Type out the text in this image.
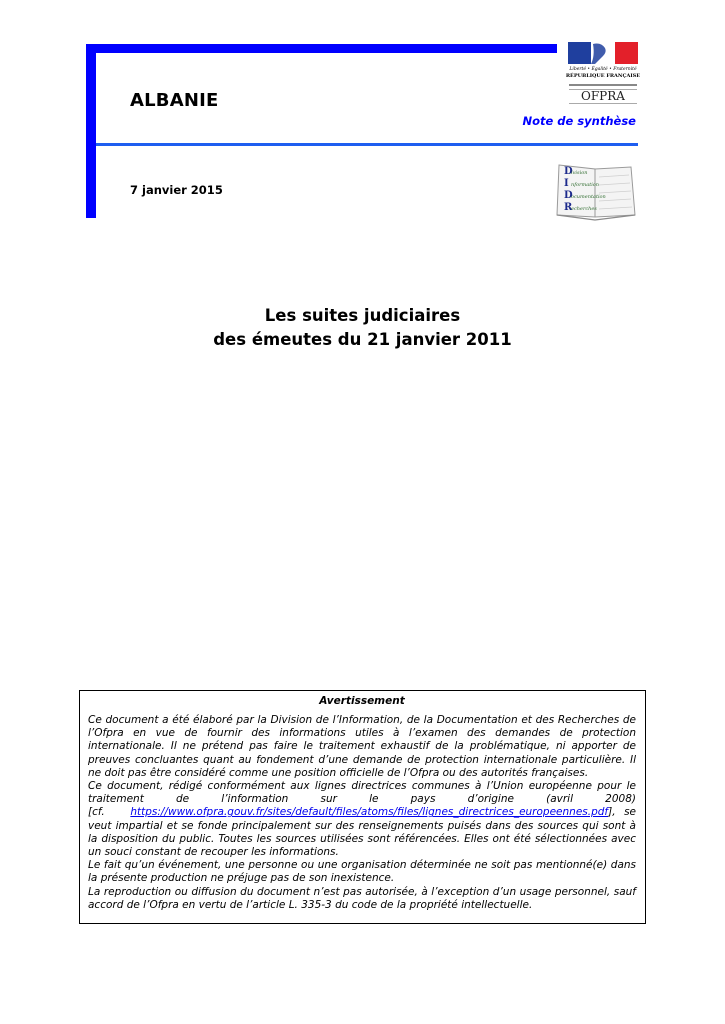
ALBANIE
Note de synthèse
7 janvier 2015
Liberté • Égalité • Fraternité
RÉPUBLIQUE FRANÇAISE
OFPRA
D
ivision
I nformation
D
ocumentation
R
echerches
Les suites judiciaires
des émeutes du 21 janvier 2011
Avertissement

Ce document a été élaboré par la Division de l’Information, de la Documentation et des Recherches de l’Ofpra en vue de fournir des informations utiles à l’examen des demandes de protection internationale. Il ne prétend pas faire le traitement exhaustif de la problématique, ni apporter de preuves concluantes quant au fondement d’une demande de protection internationale particulière. Il ne doit pas être considéré comme une position officielle de l’Ofpra ou des autorités françaises.

Ce document, rédigé conformément aux lignes directrices communes à l’Union européenne pour le traitement de l’information sur le pays d’origine (avril 2008) [cf. https://www.ofpra.gouv.fr/sites/default/files/atoms/files/lignes_directrices_europeennes.pdf], se veut impartial et se fonde principalement sur des renseignements puisés dans des sources qui sont à la disposition du public. Toutes les sources utilisées sont référencées. Elles ont été sélectionnées avec un souci constant de recouper les informations.

Le fait qu’un événement, une personne ou une organisation déterminée ne soit pas mentionné(e) dans la présente production ne préjuge pas de son inexistence.

La reproduction ou diffusion du document n’est pas autorisée, à l’exception d’un usage personnel, sauf accord de l’Ofpra en vertu de l’article L. 335-3 du code de la propriété intellectuelle.
